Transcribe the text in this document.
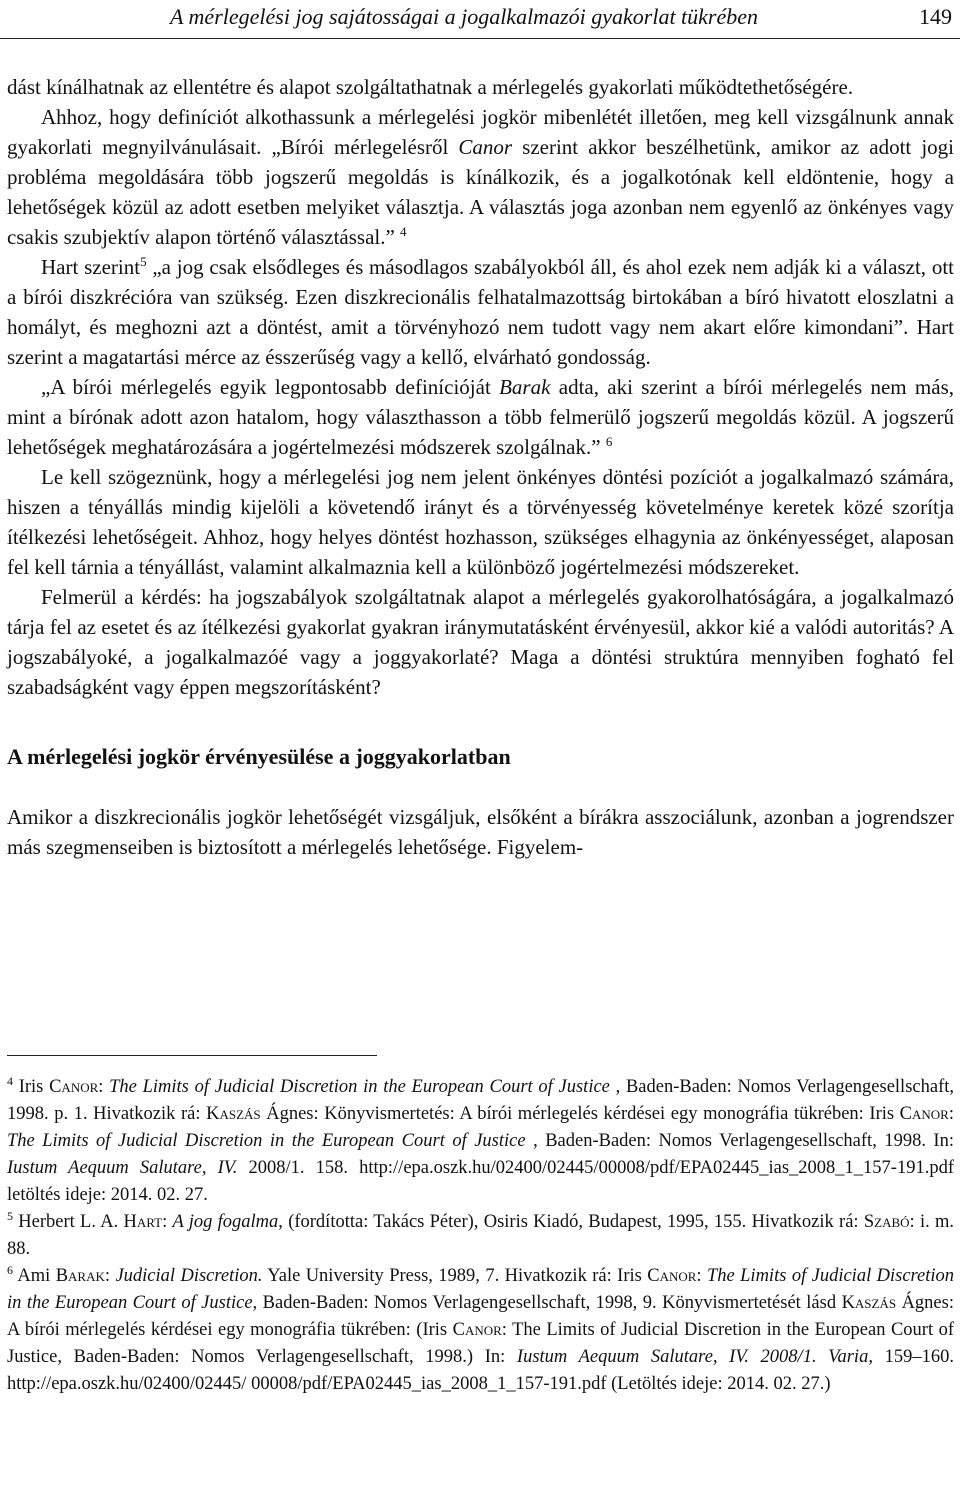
A mérlegelési jog sajátosságai a jogalkalmazói gyakorlat tükrében	149

dást kínálhatnak az ellentétre és alapot szolgáltathatnak a mérlegelés gyakorlati működtethetőségére.

Ahhoz, hogy definíciót alkothassunk a mérlegelési jogkör mibenlétét illetően, meg kell vizsgálnunk annak gyakorlati megnyilvánulásait. „Bírói mérlegelésről Canor szerint akkor beszélhetünk, amikor az adott jogi probléma megoldására több jogszerű megoldás is kínálkozik, és a jogalkotónak kell eldöntenie, hogy a lehetőségek közül az adott esetben melyiket választja. A választás joga azonban nem egyenlő az önkényes vagy csakis szubjektív alapon történő választással.” $^4$

Hart szerint$^5$ „a jog csak elsődleges és másodlagos szabályokból áll, és ahol ezek nem adják ki a választ, ott a bírói diszkrécióra van szükség. Ezen diszkrecionális felhatalmazottság birtokában a bíró hivatott eloszlatni a homályt, és meghozni azt a döntést, amit a törvényhozó nem tudott vagy nem akart előre kimondani”. Hart szerint a magatartási mérce az ésszerűség vagy a kellő, elvárható gondosság.

„A bírói mérlegelés egyik legpontosabb definícióját Barak adta, aki szerint a bírói mérlegelés nem más, mint a bírónak adott azon hatalom, hogy választhasson a több felmerülő jogszerű megoldás közül. A jogszerű lehetőségek meghatározására a jogértelmezési módszerek szolgálnak.” $^6$

Le kell szögeznünk, hogy a mérlegelési jog nem jelent önkényes döntési pozíciót a jogalkalmazó számára, hiszen a tényállás mindig kijelöli a követendő irányt és a törvényesség követelménye keretek közé szorítja ítélkezési lehetőségeit. Ahhoz, hogy helyes döntést hozhasson, szükséges elhagynia az önkényességet, alaposan fel kell tárnia a tényállást, valamint alkalmaznia kell a különböző jogértelmezési módszereket.

Felmerül a kérdés: ha jogszabályok szolgáltatnak alapot a mérlegelés gyakorolhatóságára, a jogalkalmazó tárja fel az esetet és az ítélkezési gyakorlat gyakran iránymutatásként érvényesül, akkor kié a valódi autoritás? A jogszabályoké, a jogalkalmazóé vagy a joggyakorlaté? Maga a döntési struktúra mennyiben fogható fel szabadságként vagy éppen megszorításként?

A mérlegelési jogkör érvényesülése a joggyakorlatban

Amikor a diszkrecionális jogkör lehetőségét vizsgáljuk, elsőként a bírákra asszociálunk, azonban a jogrendszer más szegmenseiben is biztosított a mérlegelés lehetősége. Figyelem-

$^4$ Iris Canor: The Limits of Judicial Discretion in the European Court of Justice , Baden-Baden: Nomos Verlagengesellschaft, 1998. p. 1. Hivatkozik rá: Kaszás Ágnes: Könyvismertetés: A bírói mérlegelés kérdései egy monográfia tükrében: Iris Canor: The Limits of Judicial Discretion in the European Court of Justice , Baden-Baden: Nomos Verlagengesellschaft, 1998. In: Iustum Aequum Salutare, IV. 2008/1. 158. http://epa.oszk.hu/02400/02445/00008/pdf/EPA02445_ias_2008_1_157-191.pdf letöltés ideje: 2014. 02. 27.

$^5$ Herbert L. A. Hart: A jog fogalma, (fordította: Takács Péter), Osiris Kiadó, Budapest, 1995, 155. Hivatkozik rá: Szabó: i. m. 88.

$^6$ Ami Barak: Judicial Discretion. Yale University Press, 1989, 7. Hivatkozik rá: Iris Canor: The Limits of Judicial Discretion in the European Court of Justice, Baden-Baden: Nomos Verlagengesellschaft, 1998, 9. Könyvismertetését lásd Kaszás Ágnes: A bírói mérlegelés kérdései egy monográfia tükrében: (Iris Canor: The Limits of Judicial Discretion in the European Court of Justice, Baden-Baden: Nomos Verlagengesellschaft, 1998.) In: Iustum Aequum Salutare, IV. 2008/1. Varia, 159–160. http://epa.oszk.hu/02400/02445/ 00008/pdf/EPA02445_ias_2008_1_157-191.pdf (Letöltés ideje: 2014. 02. 27.)
